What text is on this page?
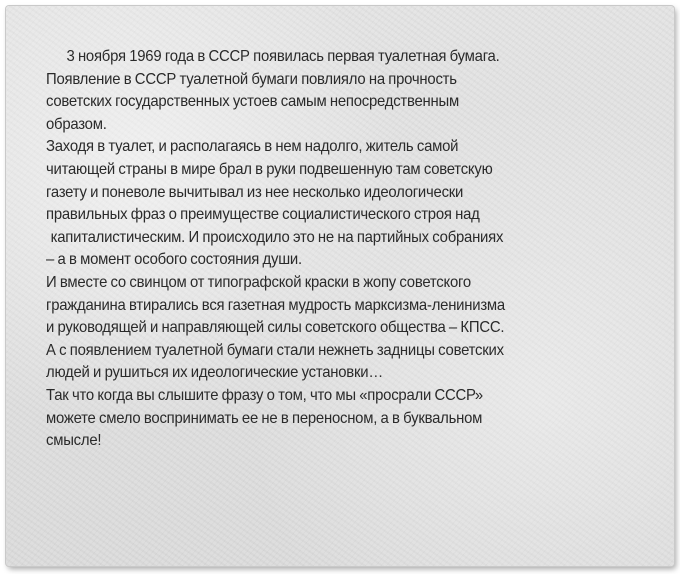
3 ноября 1969 года в СССР появилась первая туалетная бумага.
Появление в СССР туалетной бумаги повлияло на прочность
советских государственных устоев самым непосредственным
образом.
Заходя в туалет, и располагаясь в нем надолго, житель самой
читающей страны в мире брал в руки подвешенную там советскую
газету и поневоле вычитывал из нее несколько идеологически
правильных фраз о преимуществе социалистического строя над
капиталистическим. И происходило это не на партийных собраниях
– а в момент особого состояния души.
И вместе со свинцом от типографской краски в жопу советского
гражданина втирались вся газетная мудрость марксизма-ленинизма
и руководящей и направляющей силы советского общества – КПСС.
А с появлением туалетной бумаги стали нежнеть задницы советских
людей и рушиться их идеологические установки…
Так что когда вы слышите фразу о том, что мы «просрали СССР»
можете смело воспринимать ее не в переносном, а в буквальном
смысле!
